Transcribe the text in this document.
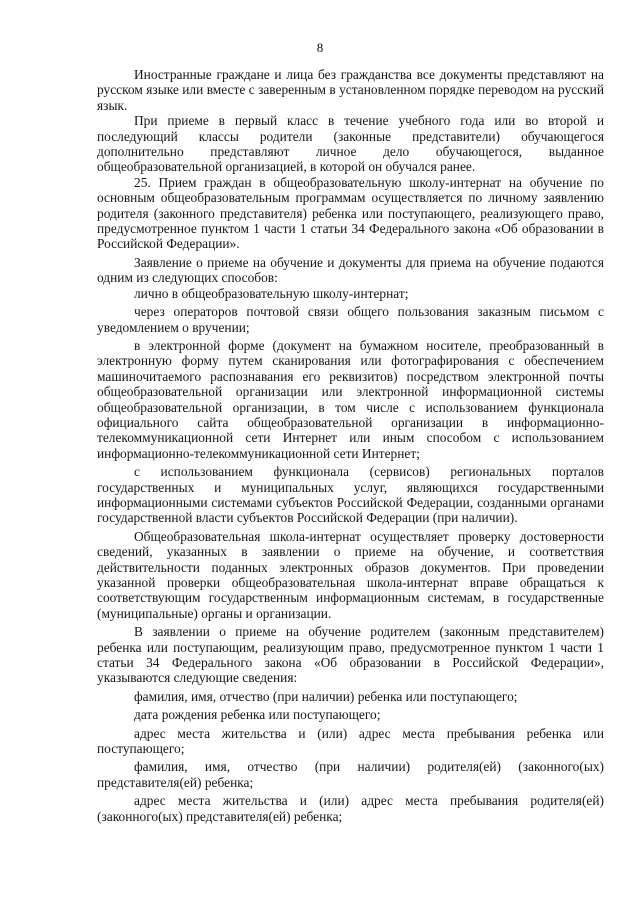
8

Иностранные граждане и лица без гражданства все документы представляют на русском языке или вместе с заверенным в установленном порядке переводом на русский язык.

При приеме в первый класс в течение учебного года или во второй и последующий классы родители (законные представители) обучающегося дополнительно представляют личное дело обучающегося, выданное общеобразовательной организацией, в которой он обучался ранее.

25. Прием граждан в общеобразовательную школу-интернат на обучение по основным общеобразовательным программам осуществляется по личному заявлению родителя (законного представителя) ребенка или поступающего, реализующего право, предусмотренное пунктом 1 части 1 статьи 34 Федерального закона «Об образовании в Российской Федерации».

Заявление о приеме на обучение и документы для приема на обучение подаются одним из следующих способов:

лично в общеобразовательную школу-интернат;

через операторов почтовой связи общего пользования заказным письмом с уведомлением о вручении;

в электронной форме (документ на бумажном носителе, преобразованный в электронную форму путем сканирования или фотографирования с обеспечением машиночитаемого распознавания его реквизитов) посредством электронной почты общеобразовательной организации или электронной информационной системы общеобразовательной организации, в том числе с использованием функционала официального сайта общеобразовательной организации в информационно-телекоммуникационной сети Интернет или иным способом с использованием информационно-телекоммуникационной сети Интернет;

с использованием функционала (сервисов) региональных порталов государственных и муниципальных услуг, являющихся государственными информационными системами субъектов Российской Федерации, созданными органами государственной власти субъектов Российской Федерации (при наличии).

Общеобразовательная школа-интернат осуществляет проверку достоверности сведений, указанных в заявлении о приеме на обучение, и соответствия действительности поданных электронных образов документов. При проведении указанной проверки общеобразовательная школа-интернат вправе обращаться к соответствующим государственным информационным системам, в государственные (муниципальные) органы и организации.

В заявлении о приеме на обучение родителем (законным представителем) ребенка или поступающим, реализующим право, предусмотренное пунктом 1 части 1 статьи 34 Федерального закона «Об образовании в Российской Федерации», указываются следующие сведения:

фамилия, имя, отчество (при наличии) ребенка или поступающего;

дата рождения ребенка или поступающего;

адрес места жительства и (или) адрес места пребывания ребенка или поступающего;

фамилия, имя, отчество (при наличии) родителя(ей) (законного(ых) представителя(ей) ребенка;

адрес места жительства и (или) адрес места пребывания родителя(ей) (законного(ых) представителя(ей) ребенка;
